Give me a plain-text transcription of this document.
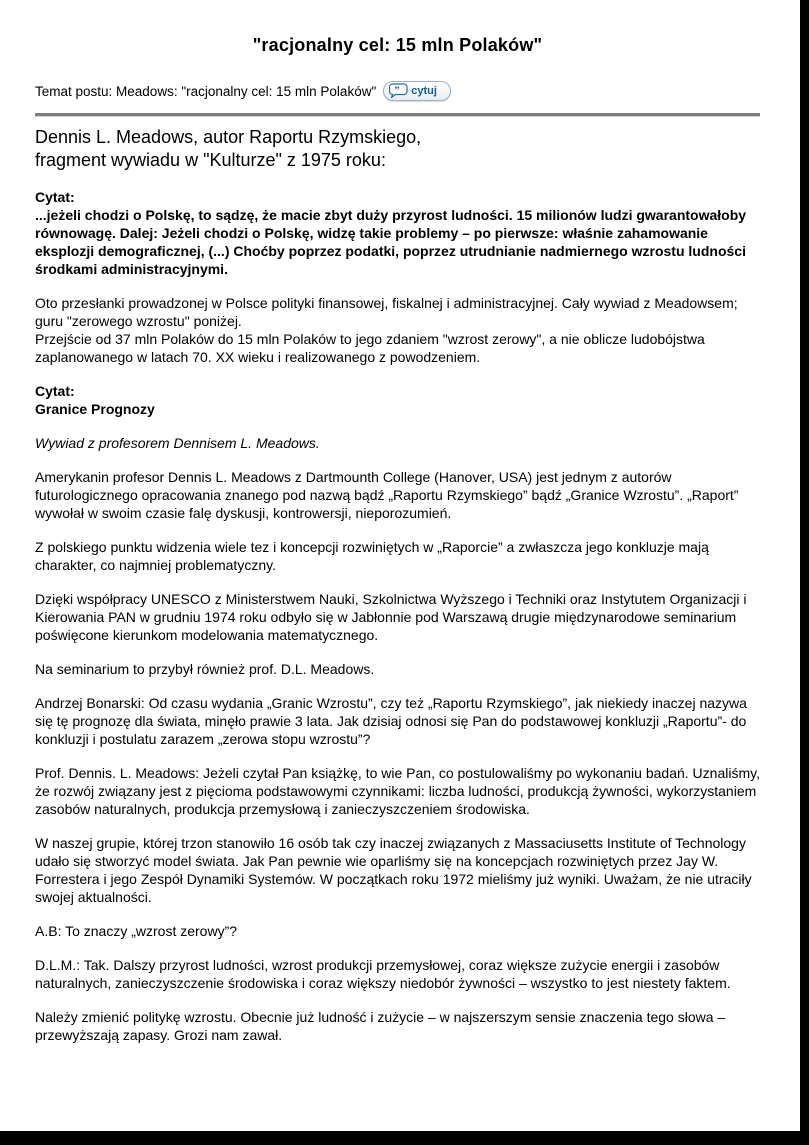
"racjonalny cel: 15 mln Polaków"
Temat postu: Meadows: "racjonalny cel: 15 mln Polaków" ” cytuj
Dennis L. Meadows, autor Raportu Rzymskiego,
fragment wywiadu w "Kulturze" z 1975 roku:
Cytat:
...jeżeli chodzi o Polskę, to sądzę, że macie zbyt duży przyrost ludności. 15 milionów ludzi gwarantowałoby równowagę. Dalej: Jeżeli chodzi o Polskę, widzę takie problemy – po pierwsze: właśnie zahamowanie eksplozji demograficznej, (...) Choćby poprzez podatki, poprzez utrudnianie nadmiernego wzrostu ludności środkami administracyjnymi.
Oto przesłanki prowadzonej w Polsce polityki finansowej, fiskalnej i administracyjnej. Cały wywiad z Meadowsem; guru "zerowego wzrostu" poniżej.
Przejście od 37 mln Polaków do 15 mln Polaków to jego zdaniem "wzrost zerowy", a nie oblicze ludobójstwa zaplanowanego w latach 70. XX wieku i realizowanego z powodzeniem.
Cytat:
Granice Prognozy

Wywiad z profesorem Dennisem L. Meadows.

Amerykanin profesor Dennis L. Meadows z Dartmounth College (Hanover, USA) jest jednym z autorów futurologicznego opracowania znanego pod nazwą bądź „Raportu Rzymskiego” bądź „Granice Wzrostu”. „Raport” wywołał w swoim czasie falę dyskusji, kontrowersji, nieporozumień.

Z polskiego punktu widzenia wiele tez i koncepcji rozwiniętych w „Raporcie” a zwłaszcza jego konkluzje mają charakter, co najmniej problematyczny.

Dzięki współpracy UNESCO z Ministerstwem Nauki, Szkolnictwa Wyższego i Techniki oraz Instytutem Organizacji i Kierowania PAN w grudniu 1974 roku odbyło się w Jabłonnie pod Warszawą drugie międzynarodowe seminarium poświęcone kierunkom modelowania matematycznego.

Na seminarium to przybył również prof. D.L. Meadows.

Andrzej Bonarski: Od czasu wydania „Granic Wzrostu”, czy też „Raportu Rzymskiego”, jak niekiedy inaczej nazywa się tę prognozę dla świata, minęło prawie 3 lata. Jak dzisiaj odnosi się Pan do podstawowej konkluzji „Raportu”- do konkluzji i postulatu zarazem „zerowa stopu wzrostu”?

Prof. Dennis. L. Meadows: Jeżeli czytał Pan książkę, to wie Pan, co postulowaliśmy po wykonaniu badań. Uznaliśmy, że rozwój związany jest z pięcioma podstawowymi czynnikami: liczba ludności, produkcją żywności, wykorzystaniem zasobów naturalnych, produkcja przemysłową i zanieczyszczeniem środowiska.

W naszej grupie, której trzon stanowiło 16 osób tak czy inaczej związanych z Massaciusetts Institute of Technology udało się stworzyć model świata. Jak Pan pewnie wie oparliśmy się na koncepcjach rozwiniętych przez Jay W. Forrestera i jego Zespół Dynamiki Systemów. W początkach roku 1972 mieliśmy już wyniki. Uważam, że nie utraciły swojej aktualności.

A.B: To znaczy „wzrost zerowy”?

D.L.M.: Tak. Dalszy przyrost ludności, wzrost produkcji przemysłowej, coraz większe zużycie energii i zasobów naturalnych, zanieczyszczenie środowiska i coraz większy niedobór żywności – wszystko to jest niestety faktem.

Należy zmienić politykę wzrostu. Obecnie już ludność i zużycie – w najszerszym sensie znaczenia tego słowa – przewyższają zapasy. Grozi nam zawał.
